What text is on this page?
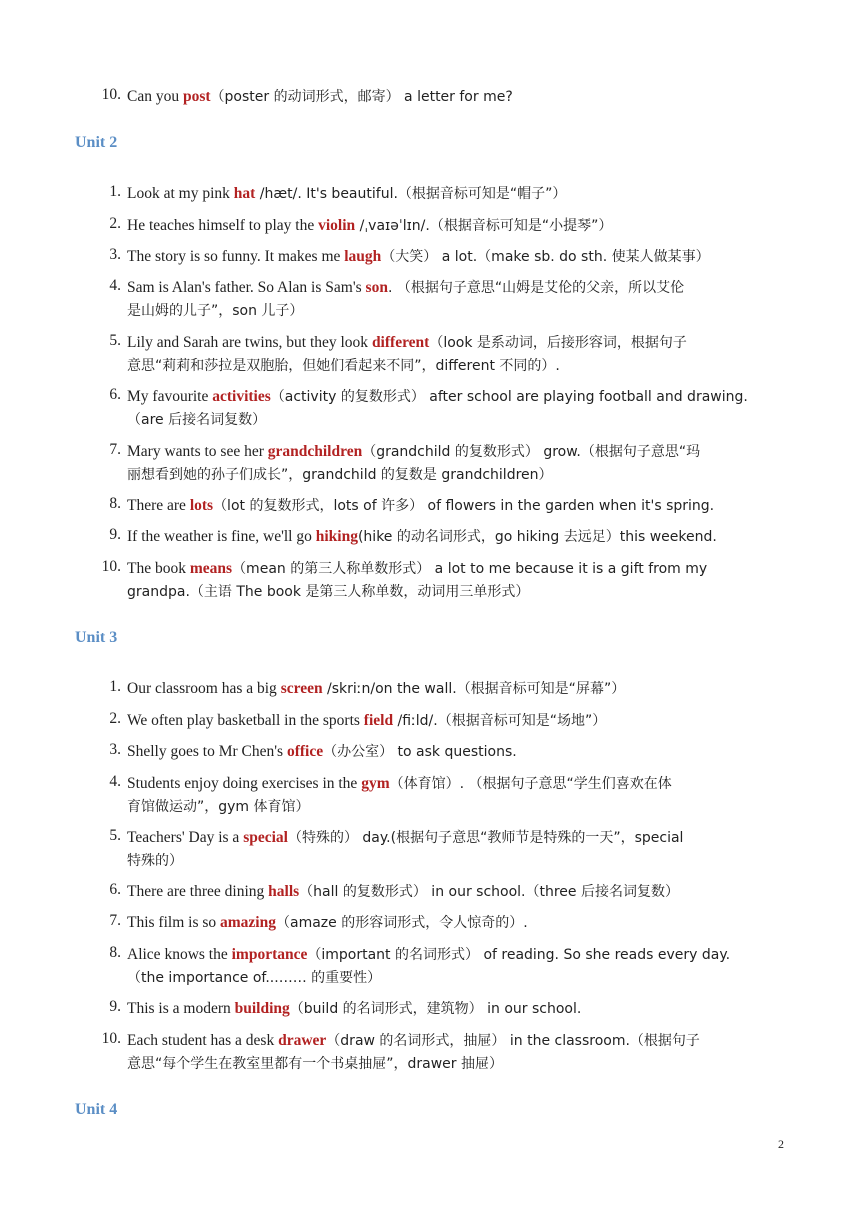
10. Can you post（poster 的动词形式，邮寄） a letter for me?
Unit 2
1. Look at my pink hat /hæt/. It's beautiful.（根据音标可知是“帽子”）
2. He teaches himself to play the violin /ˌvaɪəˈlɪn/.（根据音标可知是“小提琴”）
3. The story is so funny. It makes me laugh（大笑） a lot.（make sb. do sth. 使某人做某事）
4. Sam is Alan's father. So Alan is Sam's son. （根据句子意思“山姆是艾伦的父亲，所以艾伦
是山姆的儿子”，son 儿子）
5. Lily and Sarah are twins, but they look different（look 是系动词，后接形容词，根据句子
意思“莉莉和莎拉是双胞胎，但她们看起来不同”，different 不同的）.
6. My favourite activities（activity 的复数形式） after school are playing football and drawing.
（are 后接名词复数）
7. Mary wants to see her grandchildren（grandchild 的复数形式） grow.（根据句子意思“玛
丽想看到她的孙子们成长”，grandchild 的复数是 grandchildren）
8. There are lots（lot 的复数形式，lots of 许多） of flowers in the garden when it's spring.
9. If the weather is fine, we'll go hiking(hike 的动名词形式，go hiking 去远足）this weekend.
10. The book means（mean 的第三人称单数形式） a lot to me because it is a gift from my
grandpa.（主语 The book 是第三人称单数，动词用三单形式）
Unit 3
1. Our classroom has a big screen /skriːn/on the wall.（根据音标可知是“屏幕”）
2. We often play basketball in the sports field /fiːld/.（根据音标可知是“场地”）
3. Shelly goes to Mr Chen's office（办公室） to ask questions.
4. Students enjoy doing exercises in the gym（体育馆）. （根据句子意思“学生们喜欢在体
育馆做运动”，gym 体育馆）
5. Teachers' Day is a special（特殊的） day.(根据句子意思“教师节是特殊的一天”，special
特殊的）
6. There are three dining halls（hall 的复数形式） in our school.（three 后接名词复数）
7. This film is so amazing（amaze 的形容词形式，令人惊奇的）.
8. Alice knows the importance（important 的名词形式） of reading. So she reads every day.
（the importance of...…… 的重要性）
9. This is a modern building（build 的名词形式，建筑物） in our school.
10. Each student has a desk drawer（draw 的名词形式，抽屉） in the classroom.（根据句子
意思“每个学生在教室里都有一个书桌抽屉”，drawer 抽屉）
Unit 4
2
